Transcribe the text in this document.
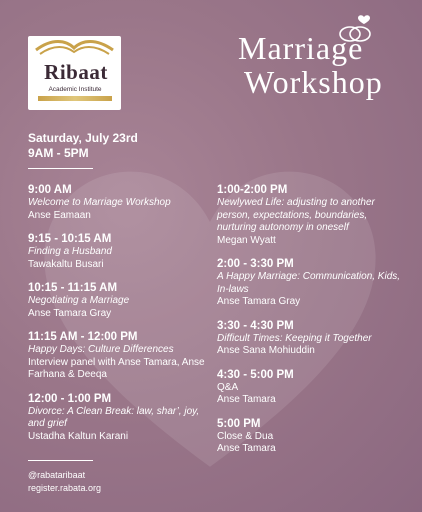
Ribaat
Academic Institute
Marriage
Workshop
Saturday, July 23rd
9AM - 5PM
9:00 AM
Welcome to Marriage Workshop
Anse Eamaan
9:15 - 10:15 AM
Finding a Husband
Tawakaltu Busari
10:15 - 11:15 AM
Negotiating a Marriage
Anse Tamara Gray
11:15 AM - 12:00 PM
Happy Days: Culture Differences
Interview panel with Anse Tamara, Anse Farhana & Deeqa
12:00 - 1:00 PM
Divorce: A Clean Break: law, shar’, joy, and grief
Ustadha Kaltun Karani
1:00-2:00 PM
Newlywed Life: adjusting to another person, expectations, boundaries, nurturing autonomy in oneself
Megan Wyatt
2:00 - 3:30 PM
A Happy Marriage: Communication, Kids, In-laws
Anse Tamara Gray
3:30 - 4:30 PM
Difficult Times: Keeping it Together
Anse Sana Mohiuddin
4:30 - 5:00 PM
Q&A
Anse Tamara
5:00 PM
Close & Dua
Anse Tamara
@rabataribaat
register.rabata.org
